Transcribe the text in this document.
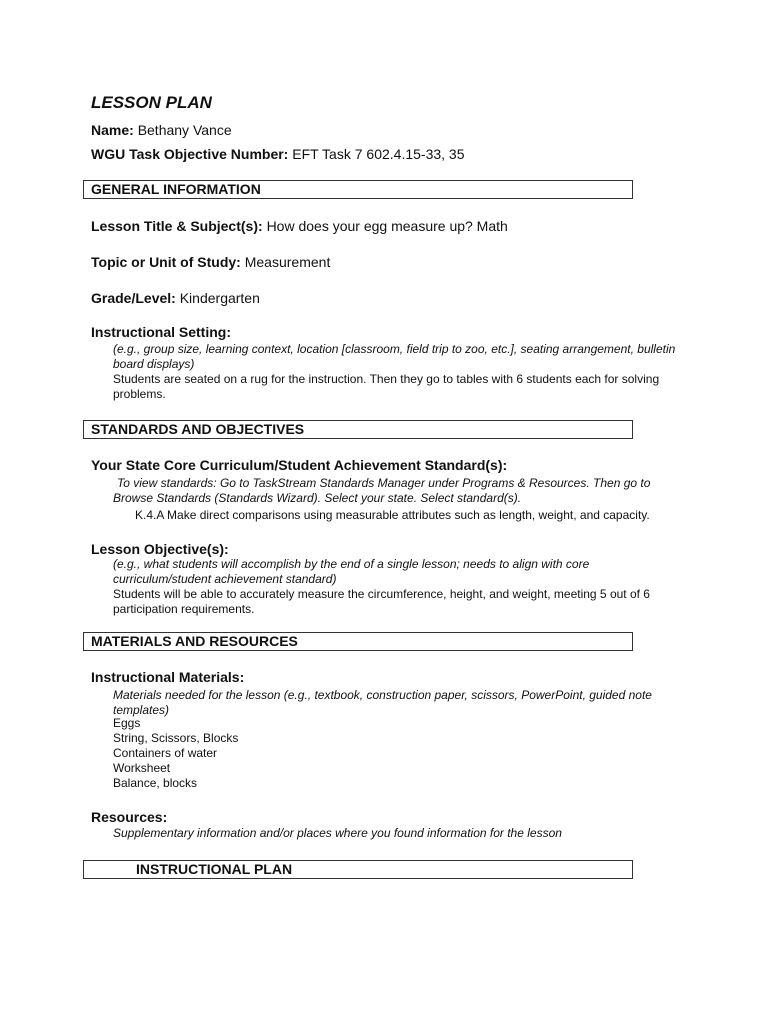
LESSON PLAN
Name: Bethany Vance
WGU Task Objective Number: EFT Task 7 602.4.15-33, 35
GENERAL INFORMATION
Lesson Title & Subject(s): How does your egg measure up? Math
Topic or Unit of Study: Measurement
Grade/Level: Kindergarten
Instructional Setting:
(e.g., group size, learning context, location [classroom, field trip to zoo, etc.], seating arrangement, bulletin board displays)
Students are seated on a rug for the instruction. Then they go to tables with 6 students each for solving problems.
STANDARDS AND OBJECTIVES
Your State Core Curriculum/Student Achievement Standard(s):
To view standards: Go to TaskStream Standards Manager under Programs & Resources. Then go to Browse Standards (Standards Wizard). Select your state. Select standard(s).
K.4.A Make direct comparisons using measurable attributes such as length, weight, and capacity.
Lesson Objective(s):
(e.g., what students will accomplish by the end of a single lesson; needs to align with core curriculum/student achievement standard)
Students will be able to accurately measure the circumference, height, and weight, meeting 5 out of 6 participation requirements.
MATERIALS AND RESOURCES
Instructional Materials:
Materials needed for the lesson (e.g., textbook, construction paper, scissors, PowerPoint, guided note templates)
Eggs
String, Scissors, Blocks
Containers of water
Worksheet
Balance, blocks
Resources:
Supplementary information and/or places where you found information for the lesson
INSTRUCTIONAL PLAN
